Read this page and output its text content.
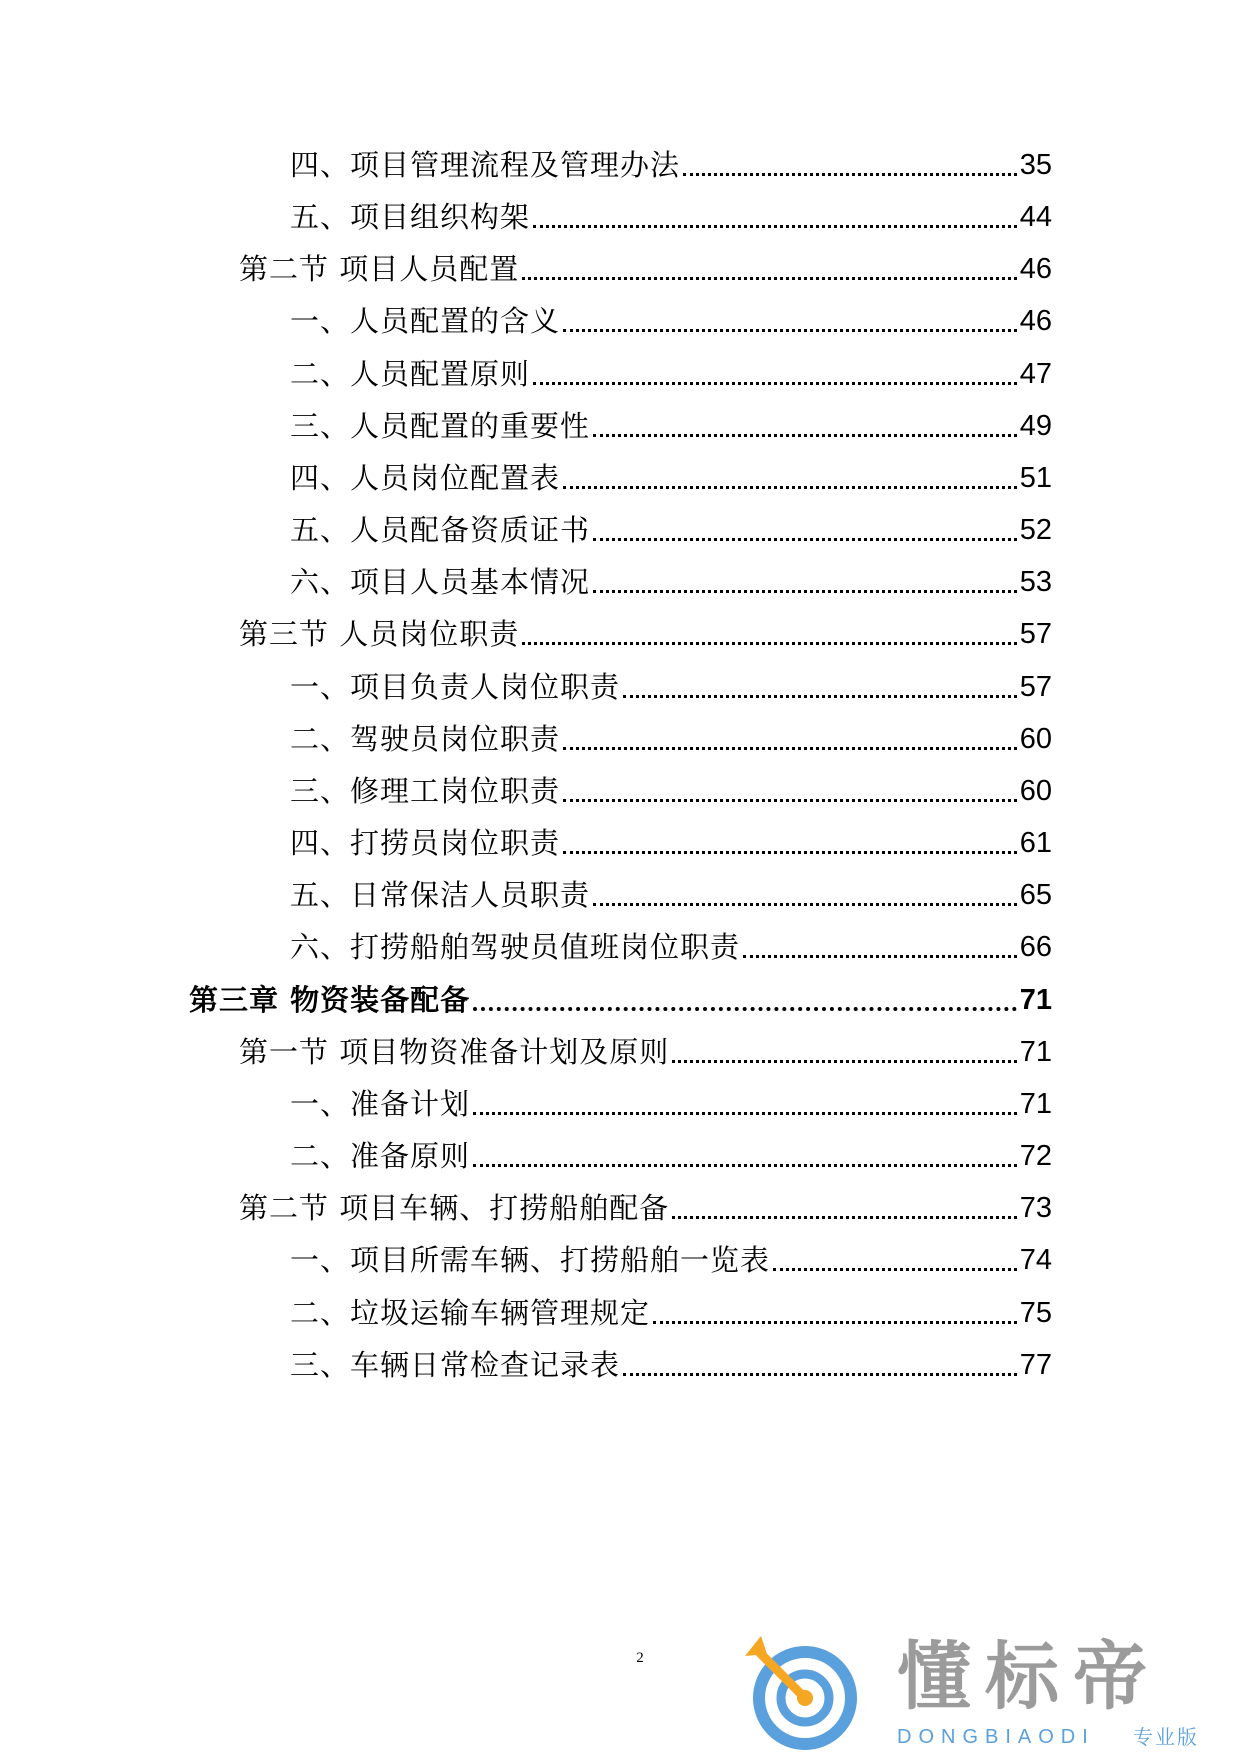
四、项目管理流程及管理办法	35
五、项目组织构架	44
第二节 项目人员配置	46
一、人员配置的含义	46
二、人员配置原则	47
三、人员配置的重要性	49
四、人员岗位配置表	51
五、人员配备资质证书	52
六、项目人员基本情况	53
第三节 人员岗位职责	57
一、项目负责人岗位职责	57
二、驾驶员岗位职责	60
三、修理工岗位职责	60
四、打捞员岗位职责	61
五、日常保洁人员职责	65
六、打捞船舶驾驶员值班岗位职责	66
第三章 物资装备配备	71
第一节 项目物资准备计划及原则	71
一、准备计划	71
二、准备原则	72
第二节 项目车辆、打捞船舶配备	73
一、项目所需车辆、打捞船舶一览表	74
二、垃圾运输车辆管理规定	75
三、车辆日常检查记录表	77
2	懂标帝
DONGBIAODI 专业版
